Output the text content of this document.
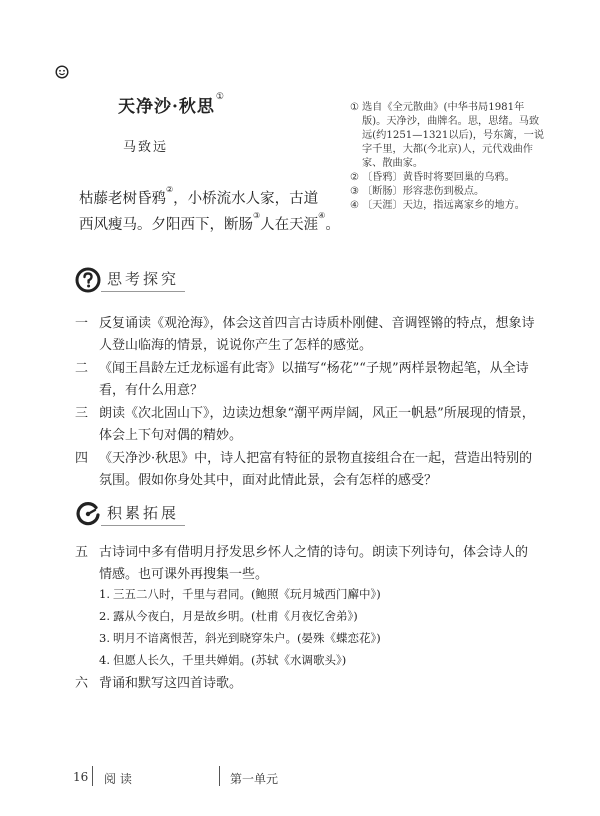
天净沙·秋思①
马致远
枯藤老树昏鸦②，小桥流水人家，古道
西风瘦马。夕阳西下，断肠③人在天涯④。
① 选自《全元散曲》(中华书局1981年版)。天净沙，曲牌名。思，思绪。马致远(约1251—1321以后)，号东篱，一说字千里，大都(今北京)人，元代戏曲作家、散曲家。
② 〔昏鸦〕黄昏时将要回巢的乌鸦。
③ 〔断肠〕形容悲伤到极点。
④ 〔天涯〕天边，指远离家乡的地方。
思考探究
一 反复诵读《观沧海》，体会这首四言古诗质朴刚健、音调铿锵的特点，想象诗人登山临海的情景，说说你产生了怎样的感觉。
二 《闻王昌龄左迁龙标遥有此寄》以描写“杨花”“子规”两样景物起笔，从全诗看，有什么用意？
三 朗读《次北固山下》，边读边想象“潮平两岸阔，风正一帆悬”所展现的情景，体会上下句对偶的精妙。
四 《天净沙·秋思》中，诗人把富有特征的景物直接组合在一起，营造出特别的氛围。假如你身处其中，面对此情此景，会有怎样的感受？
积累拓展
五 古诗词中多有借明月抒发思乡怀人之情的诗句。朗读下列诗句，体会诗人的情感。也可课外再搜集一些。
1. 三五二八时，千里与君同。(鲍照《玩月城西门廨中》)
2. 露从今夜白，月是故乡明。(杜甫《月夜忆舍弟》)
3. 明月不谙离恨苦，斜光到晓穿朱户。(晏殊《蝶恋花》)
4. 但愿人长久，千里共婵娟。(苏轼《水调歌头》)
六 背诵和默写这四首诗歌。
16 阅 读	第一单元
